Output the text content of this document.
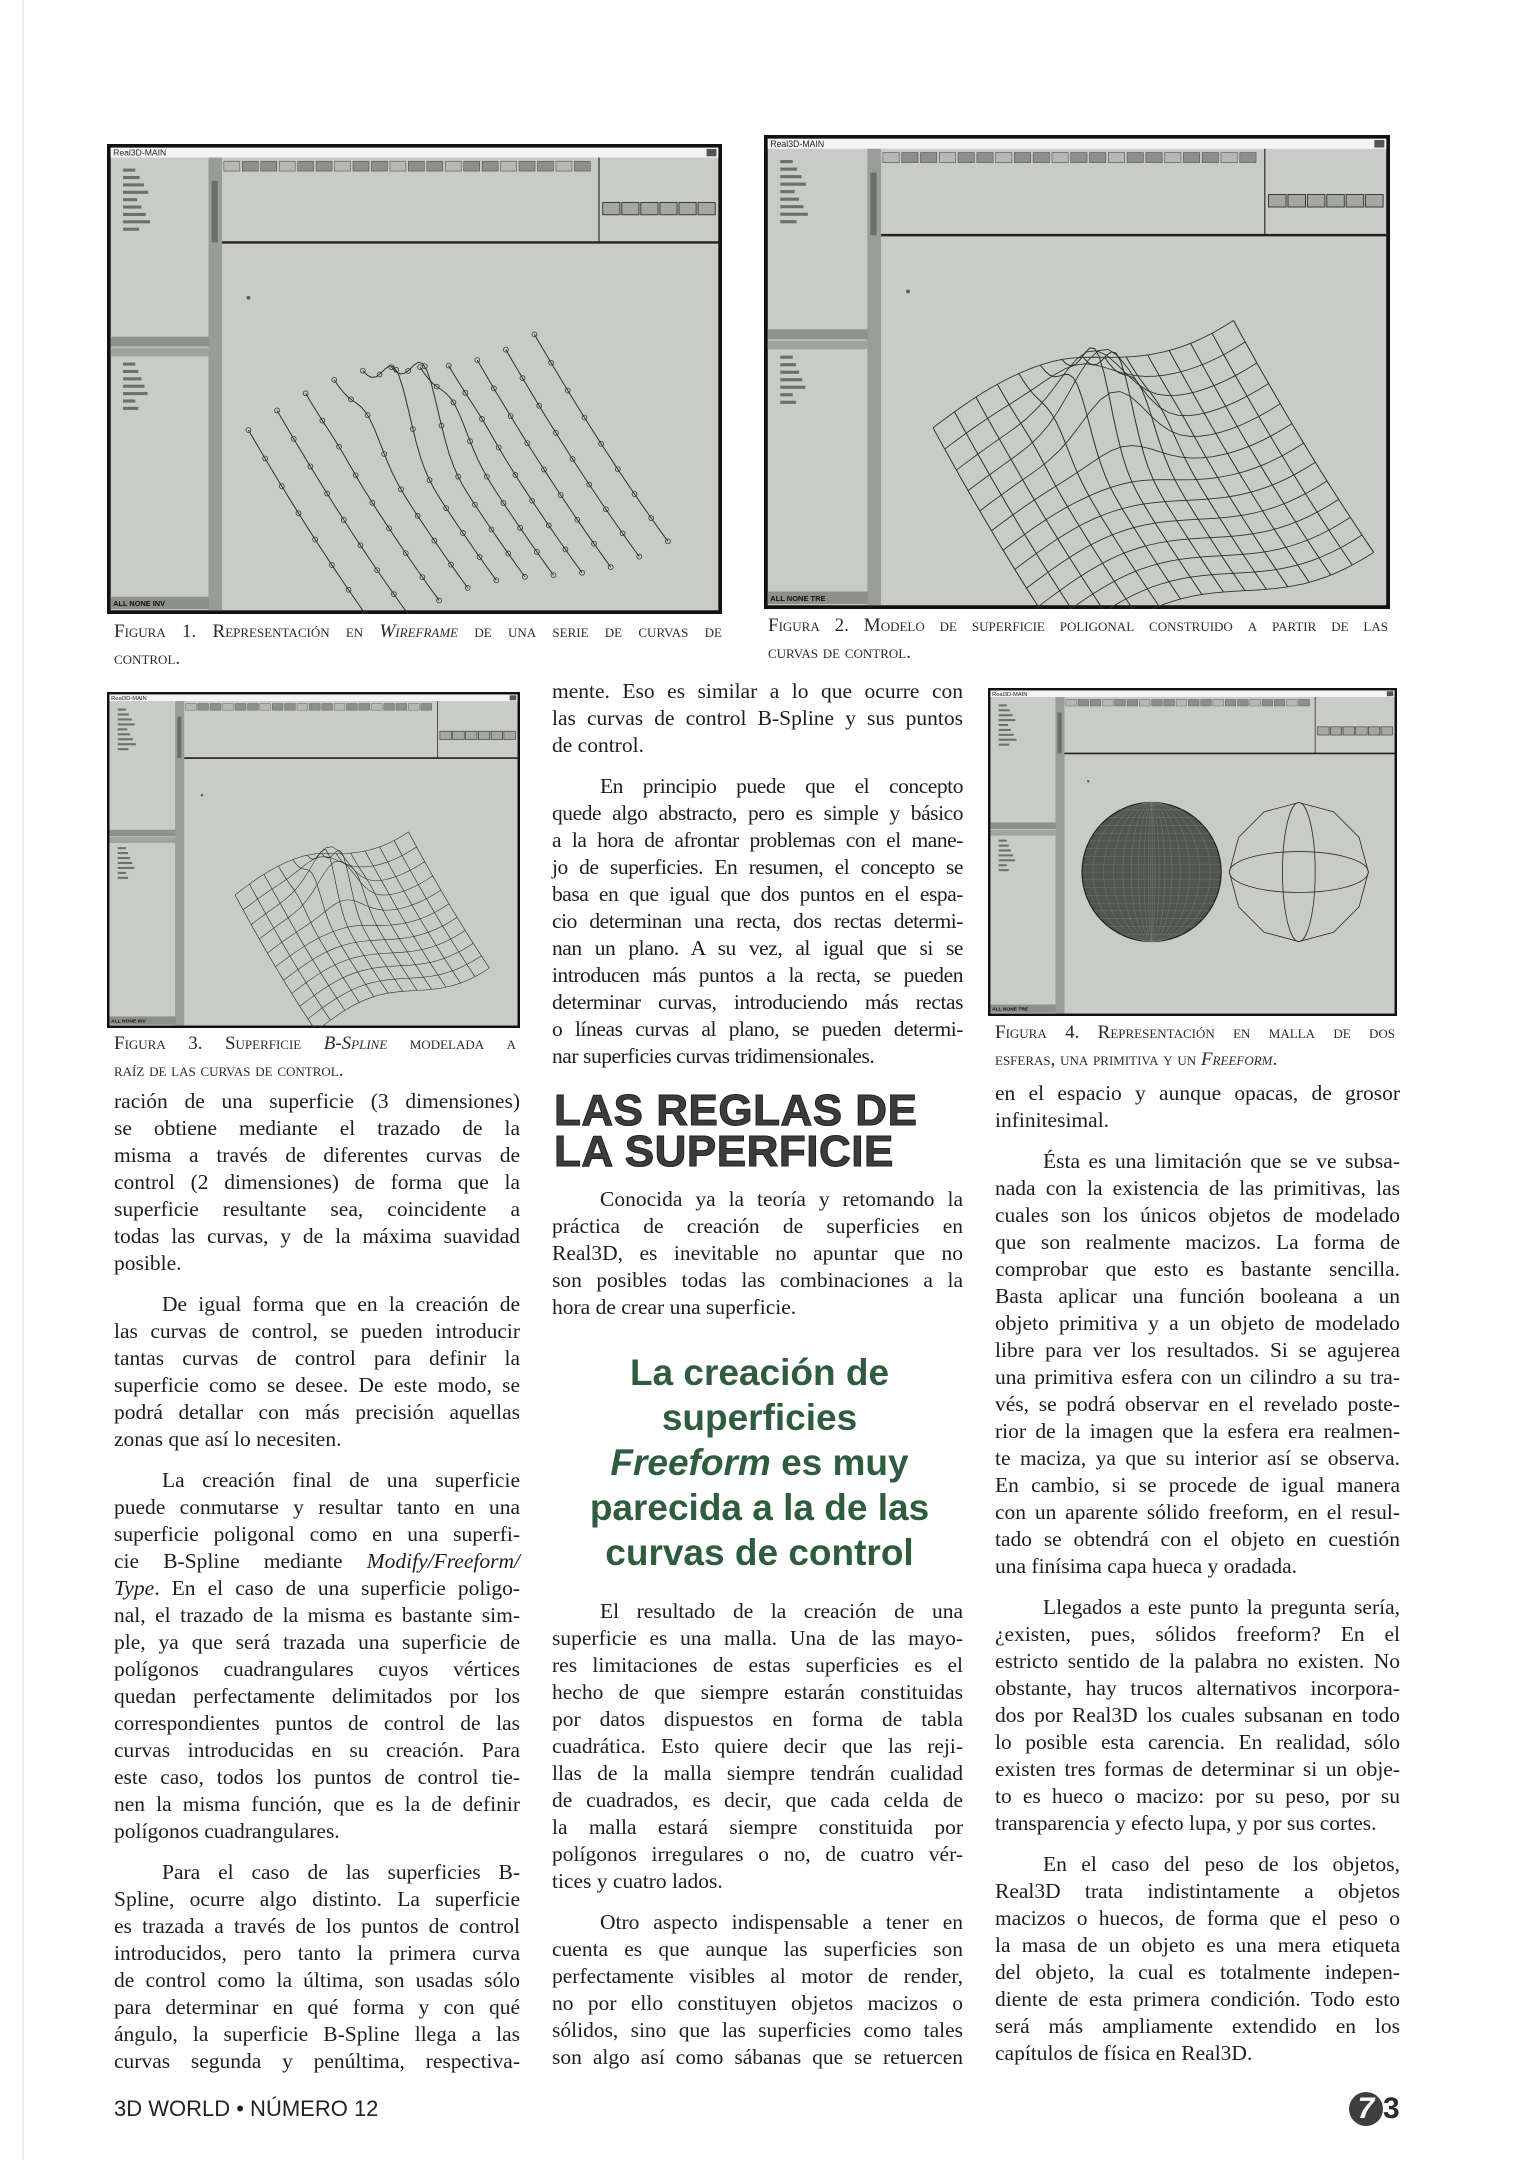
Real3D-MAIN
ALL NONE INV
Real3D-MAIN
ALL NONE TRE
Real3D-MAIN
ALL NONE INV
Real3D-MAIN
ALL NONE TRE
Figura 1. Representación en Wireframe de una serie de curvas de
control.
Figura 2. Modelo de superficie poligonal construido a partir de las
curvas de control.
Figura 3. Superficie B-Spline modelada a
raíz de las curvas de control.
Figura 4. Representación en malla de dos
esferas, una primitiva y un Freeform.
ración de una superficie (3 dimensiones)
se obtiene mediante el trazado de la
misma a través de diferentes curvas de
control (2 dimensiones) de forma que la
superficie resultante sea, coincidente a
todas las curvas, y de la máxima suavidad
posible.
De igual forma que en la creación de
las curvas de control, se pueden introducir
tantas curvas de control para definir la
superficie como se desee. De este modo, se
podrá detallar con más precisión aquellas
zonas que así lo necesiten.
La creación final de una superficie
puede conmutarse y resultar tanto en una
superficie poligonal como en una superfi-
cie B-Spline mediante Modify/Freeform/
Type. En el caso de una superficie poligo-
nal, el trazado de la misma es bastante sim-
ple, ya que será trazada una superficie de
polígonos cuadrangulares cuyos vértices
quedan perfectamente delimitados por los
correspondientes puntos de control de las
curvas introducidas en su creación. Para
este caso, todos los puntos de control tie-
nen la misma función, que es la de definir
polígonos cuadrangulares.
Para el caso de las superficies B-
Spline, ocurre algo distinto. La superficie
es trazada a través de los puntos de control
introducidos, pero tanto la primera curva
de control como la última, son usadas sólo
para determinar en qué forma y con qué
ángulo, la superficie B-Spline llega a las
curvas segunda y penúltima, respectiva-
mente. Eso es similar a lo que ocurre con
las curvas de control B-Spline y sus puntos
de control.
En principio puede que el concepto
quede algo abstracto, pero es simple y básico
a la hora de afrontar problemas con el mane-
jo de superficies. En resumen, el concepto se
basa en que igual que dos puntos en el espa-
cio determinan una recta, dos rectas determi-
nan un plano. A su vez, al igual que si se
introducen más puntos a la recta, se pueden
determinar curvas, introduciendo más rectas
o líneas curvas al plano, se pueden determi-
nar superficies curvas tridimensionales.
LAS REGLAS DE
LA SUPERFICIE
Conocida ya la teoría y retomando la
práctica de creación de superficies en
Real3D, es inevitable no apuntar que no
son posibles todas las combinaciones a la
hora de crear una superficie.
La creación de
superficies
Freeform es muy
parecida a la de las
curvas de control
El resultado de la creación de una
superficie es una malla. Una de las mayo-
res limitaciones de estas superficies es el
hecho de que siempre estarán constituidas
por datos dispuestos en forma de tabla
cuadrática. Esto quiere decir que las reji-
llas de la malla siempre tendrán cualidad
de cuadrados, es decir, que cada celda de
la malla estará siempre constituida por
polígonos irregulares o no, de cuatro vér-
tices y cuatro lados.
Otro aspecto indispensable a tener en
cuenta es que aunque las superficies son
perfectamente visibles al motor de render,
no por ello constituyen objetos macizos o
sólidos, sino que las superficies como tales
son algo así como sábanas que se retuercen
en el espacio y aunque opacas, de grosor
infinitesimal.
Ésta es una limitación que se ve subsa-
nada con la existencia de las primitivas, las
cuales son los únicos objetos de modelado
que son realmente macizos. La forma de
comprobar que esto es bastante sencilla.
Basta aplicar una función booleana a un
objeto primitiva y a un objeto de modelado
libre para ver los resultados. Si se agujerea
una primitiva esfera con un cilindro a su tra-
vés, se podrá observar en el revelado poste-
rior de la imagen que la esfera era realmen-
te maciza, ya que su interior así se observa.
En cambio, si se procede de igual manera
con un aparente sólido freeform, en el resul-
tado se obtendrá con el objeto en cuestión
una finísima capa hueca y oradada.
Llegados a este punto la pregunta sería,
¿existen, pues, sólidos freeform? En el
estricto sentido de la palabra no existen. No
obstante, hay trucos alternativos incorpora-
dos por Real3D los cuales subsanan en todo
lo posible esta carencia. En realidad, sólo
existen tres formas de determinar si un obje-
to es hueco o macizo: por su peso, por su
transparencia y efecto lupa, y por sus cortes.
En el caso del peso de los objetos,
Real3D trata indistintamente a objetos
macizos o huecos, de forma que el peso o
la masa de un objeto es una mera etiqueta
del objeto, la cual es totalmente indepen-
diente de esta primera condición. Todo esto
será más ampliamente extendido en los
capítulos de física en Real3D.
3D WORLD • NÚMERO 12	7 3
